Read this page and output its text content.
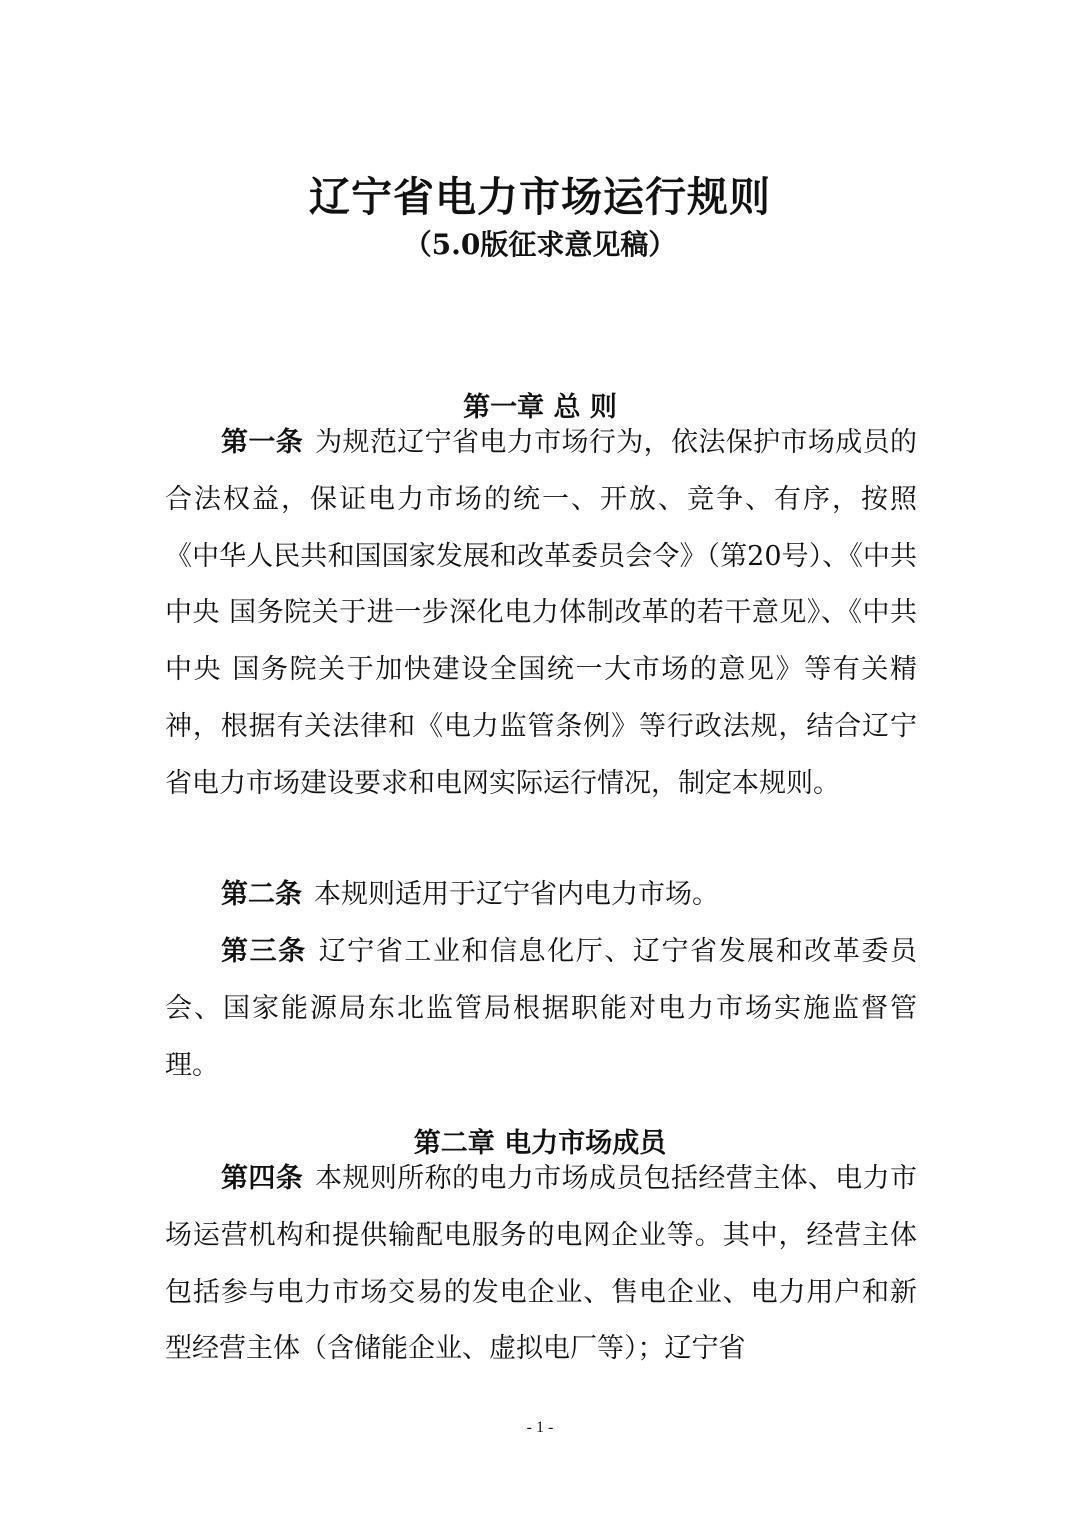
辽宁省电力市场运行规则
（5.0版征求意见稿）
第一章 总 则

第一条 为规范辽宁省电力市场行为，依法保护市场成员的合法权益，保证电力市场的统一、开放、竞争、有序，按照《中华人民共和国国家发展和改革委员会令》（第20号）、《中共中央 国务院关于进一步深化电力体制改革的若干意见》、《中共中央 国务院关于加快建设全国统一大市场的意见》等有关精神，根据有关法律和《电力监管条例》等行政法规，结合辽宁省电力市场建设要求和电网实际运行情况，制定本规则。

第二条 本规则适用于辽宁省内电力市场。

第三条 辽宁省工业和信息化厅、辽宁省发展和改革委员会、国家能源局东北监管局根据职能对电力市场实施监督管理。

第二章 电力市场成员

第四条 本规则所称的电力市场成员包括经营主体、电力市场运营机构和提供输配电服务的电网企业等。其中，经营主体包括参与电力市场交易的发电企业、售电企业、电力用户和新型经营主体（含储能企业、虚拟电厂等）；辽宁省

- 1 -
